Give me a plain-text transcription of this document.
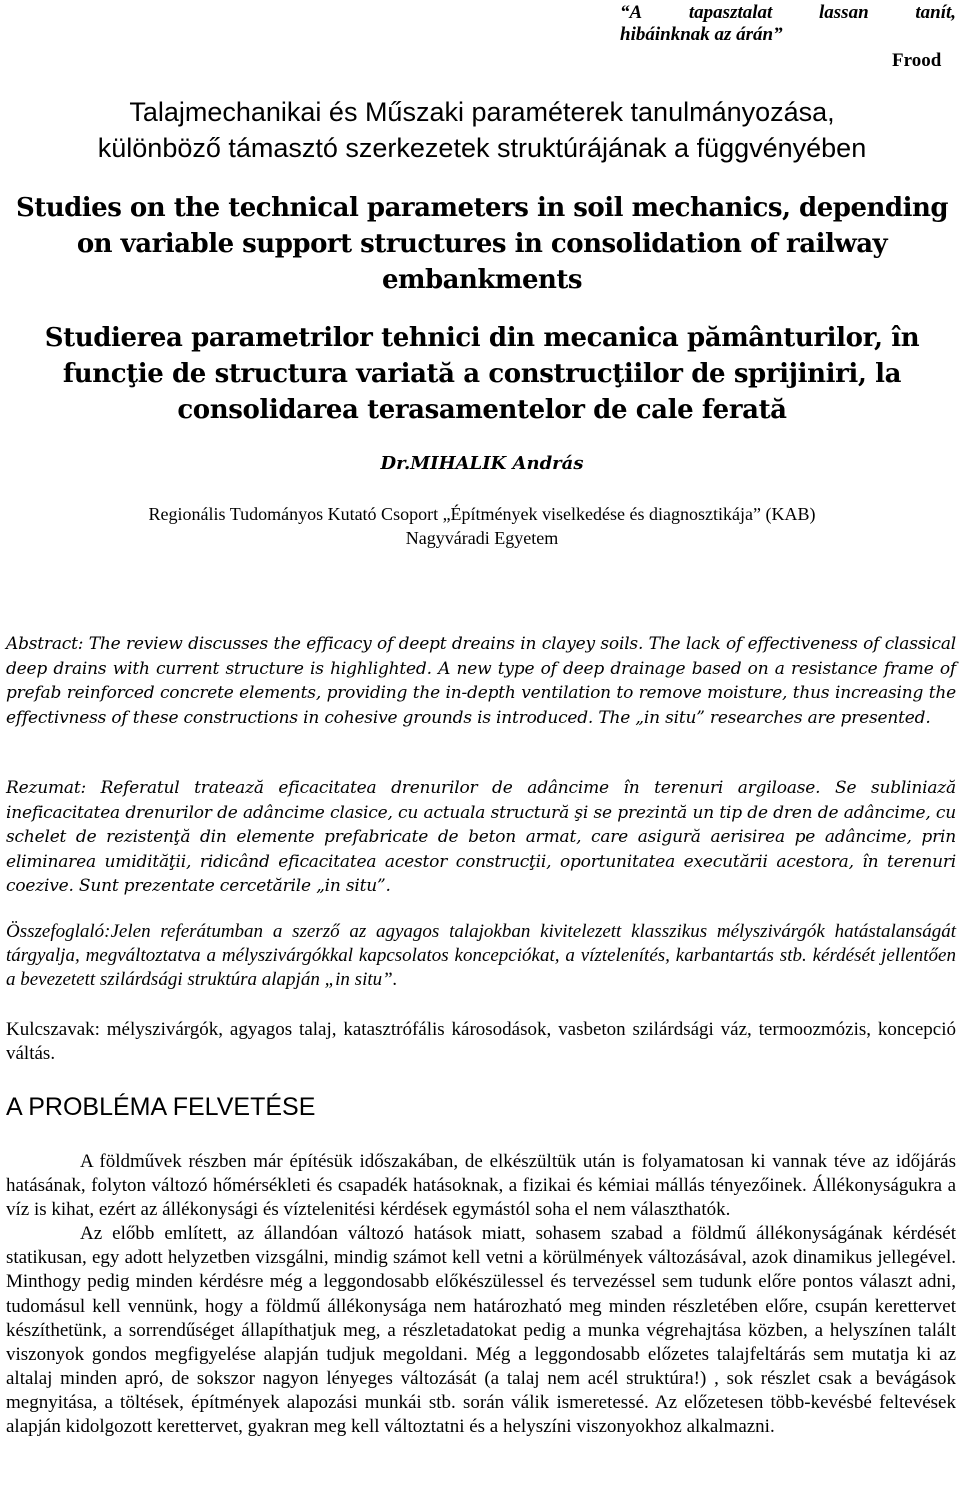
“A tapasztalat lassan tanít,
hibáinknak az árán”
Frood
Talajmechanikai és Műszaki paraméterek tanulmányozása,
különböző támasztó szerkezetek struktúrájának a függvényében
Studies on the technical parameters in soil mechanics, depending
on variable support structures in consolidation of railway
embankments
Studierea parametrilor tehnici din mecanica pământurilor, în
funcţie de structura variată a construcţiilor de sprijiniri, la
consolidarea terasamentelor de cale ferată
Dr.MIHALIK András
Regionális Tudományos Kutató Csoport „Építmények viselkedése és diagnosztikája” (KAB)
Nagyváradi Egyetem
Abstract: The review discusses the efficacy of deept dreains in clayey soils. The lack of effectiveness of classical deep drains with current structure is highlighted. A new type of deep drainage based on a resistance frame of prefab reinforced concrete elements, providing the in-depth ventilation to remove moisture, thus increasing the effectivness of these constructions in cohesive grounds is introduced. The „in situ” researches are presented.
Rezumat: Referatul tratează eficacitatea drenurilor de adâncime în terenuri argiloase. Se subliniază ineficacitatea drenurilor de adâncime clasice, cu actuala structură şi se prezintă un tip de dren de adâncime, cu schelet de rezistenţă din elemente prefabricate de beton armat, care asigură aerisirea pe adâncime, prin eliminarea umidităţii, ridicând eficacitatea acestor construcţii, oportunitatea executării acestora, în terenuri coezive. Sunt prezentate cercetările „in situ”.
Összefoglaló:Jelen referátumban a szerző az agyagos talajokban kivitelezett klasszikus mélyszivárgók hatástalanságát tárgyalja, megváltoztatva a mélyszivárgókkal kapcsolatos koncepciókat, a víztelenítés, karbantartás stb. kérdését jellentően a bevezetett szilárdsági struktúra alapján „in situ”.
Kulcszavak: mélyszivárgók, agyagos talaj, katasztrófális károsodások, vasbeton szilárdsági váz, termoozmózis, koncepció váltás.
A PROBLÉMA FELVETÉSE

A földművek részben már építésük időszakában, de elkészültük után is folyamatosan ki vannak téve az időjárás hatásának, folyton változó hőmérsékleti és csapadék hatásoknak, a fizikai és kémiai mállás tényezőinek. Állékonyságukra a víz is kihat, ezért az állékonysági és víztelenitési kérdések egymástól soha el nem választhatók.

Az előbb említett, az állandóan változó hatások miatt, sohasem szabad a földmű állékonyságának kérdését statikusan, egy adott helyzetben vizsgálni, mindig számot kell vetni a körülmények változásával, azok dinamikus jellegével. Minthogy pedig minden kérdésre még a leggondosabb előkészülessel és tervezéssel sem tudunk előre pontos választ adni, tudomásul kell vennünk, hogy a földmű állékonysága nem határozható meg minden részletében előre, csupán kerettervet készíthetünk, a sorrendűséget állapíthatjuk meg, a részletadatokat pedig a munka végrehajtása közben, a helyszínen talált viszonyok gondos megfigyelése alapján tudjuk megoldani. Még a leggondosabb előzetes talajfeltárás sem mutatja ki az altalaj minden apró, de sokszor nagyon lényeges változását (a talaj nem acél struktúra!) , sok részlet csak a bevágások megnyitása, a töltések, építmények alapozási munkái stb. során válik ismeretessé. Az előzetesen több-kevésbé feltevések alapján kidolgozott kerettervet, gyakran meg kell változtatni és a helyszíni viszonyokhoz alkalmazni.
